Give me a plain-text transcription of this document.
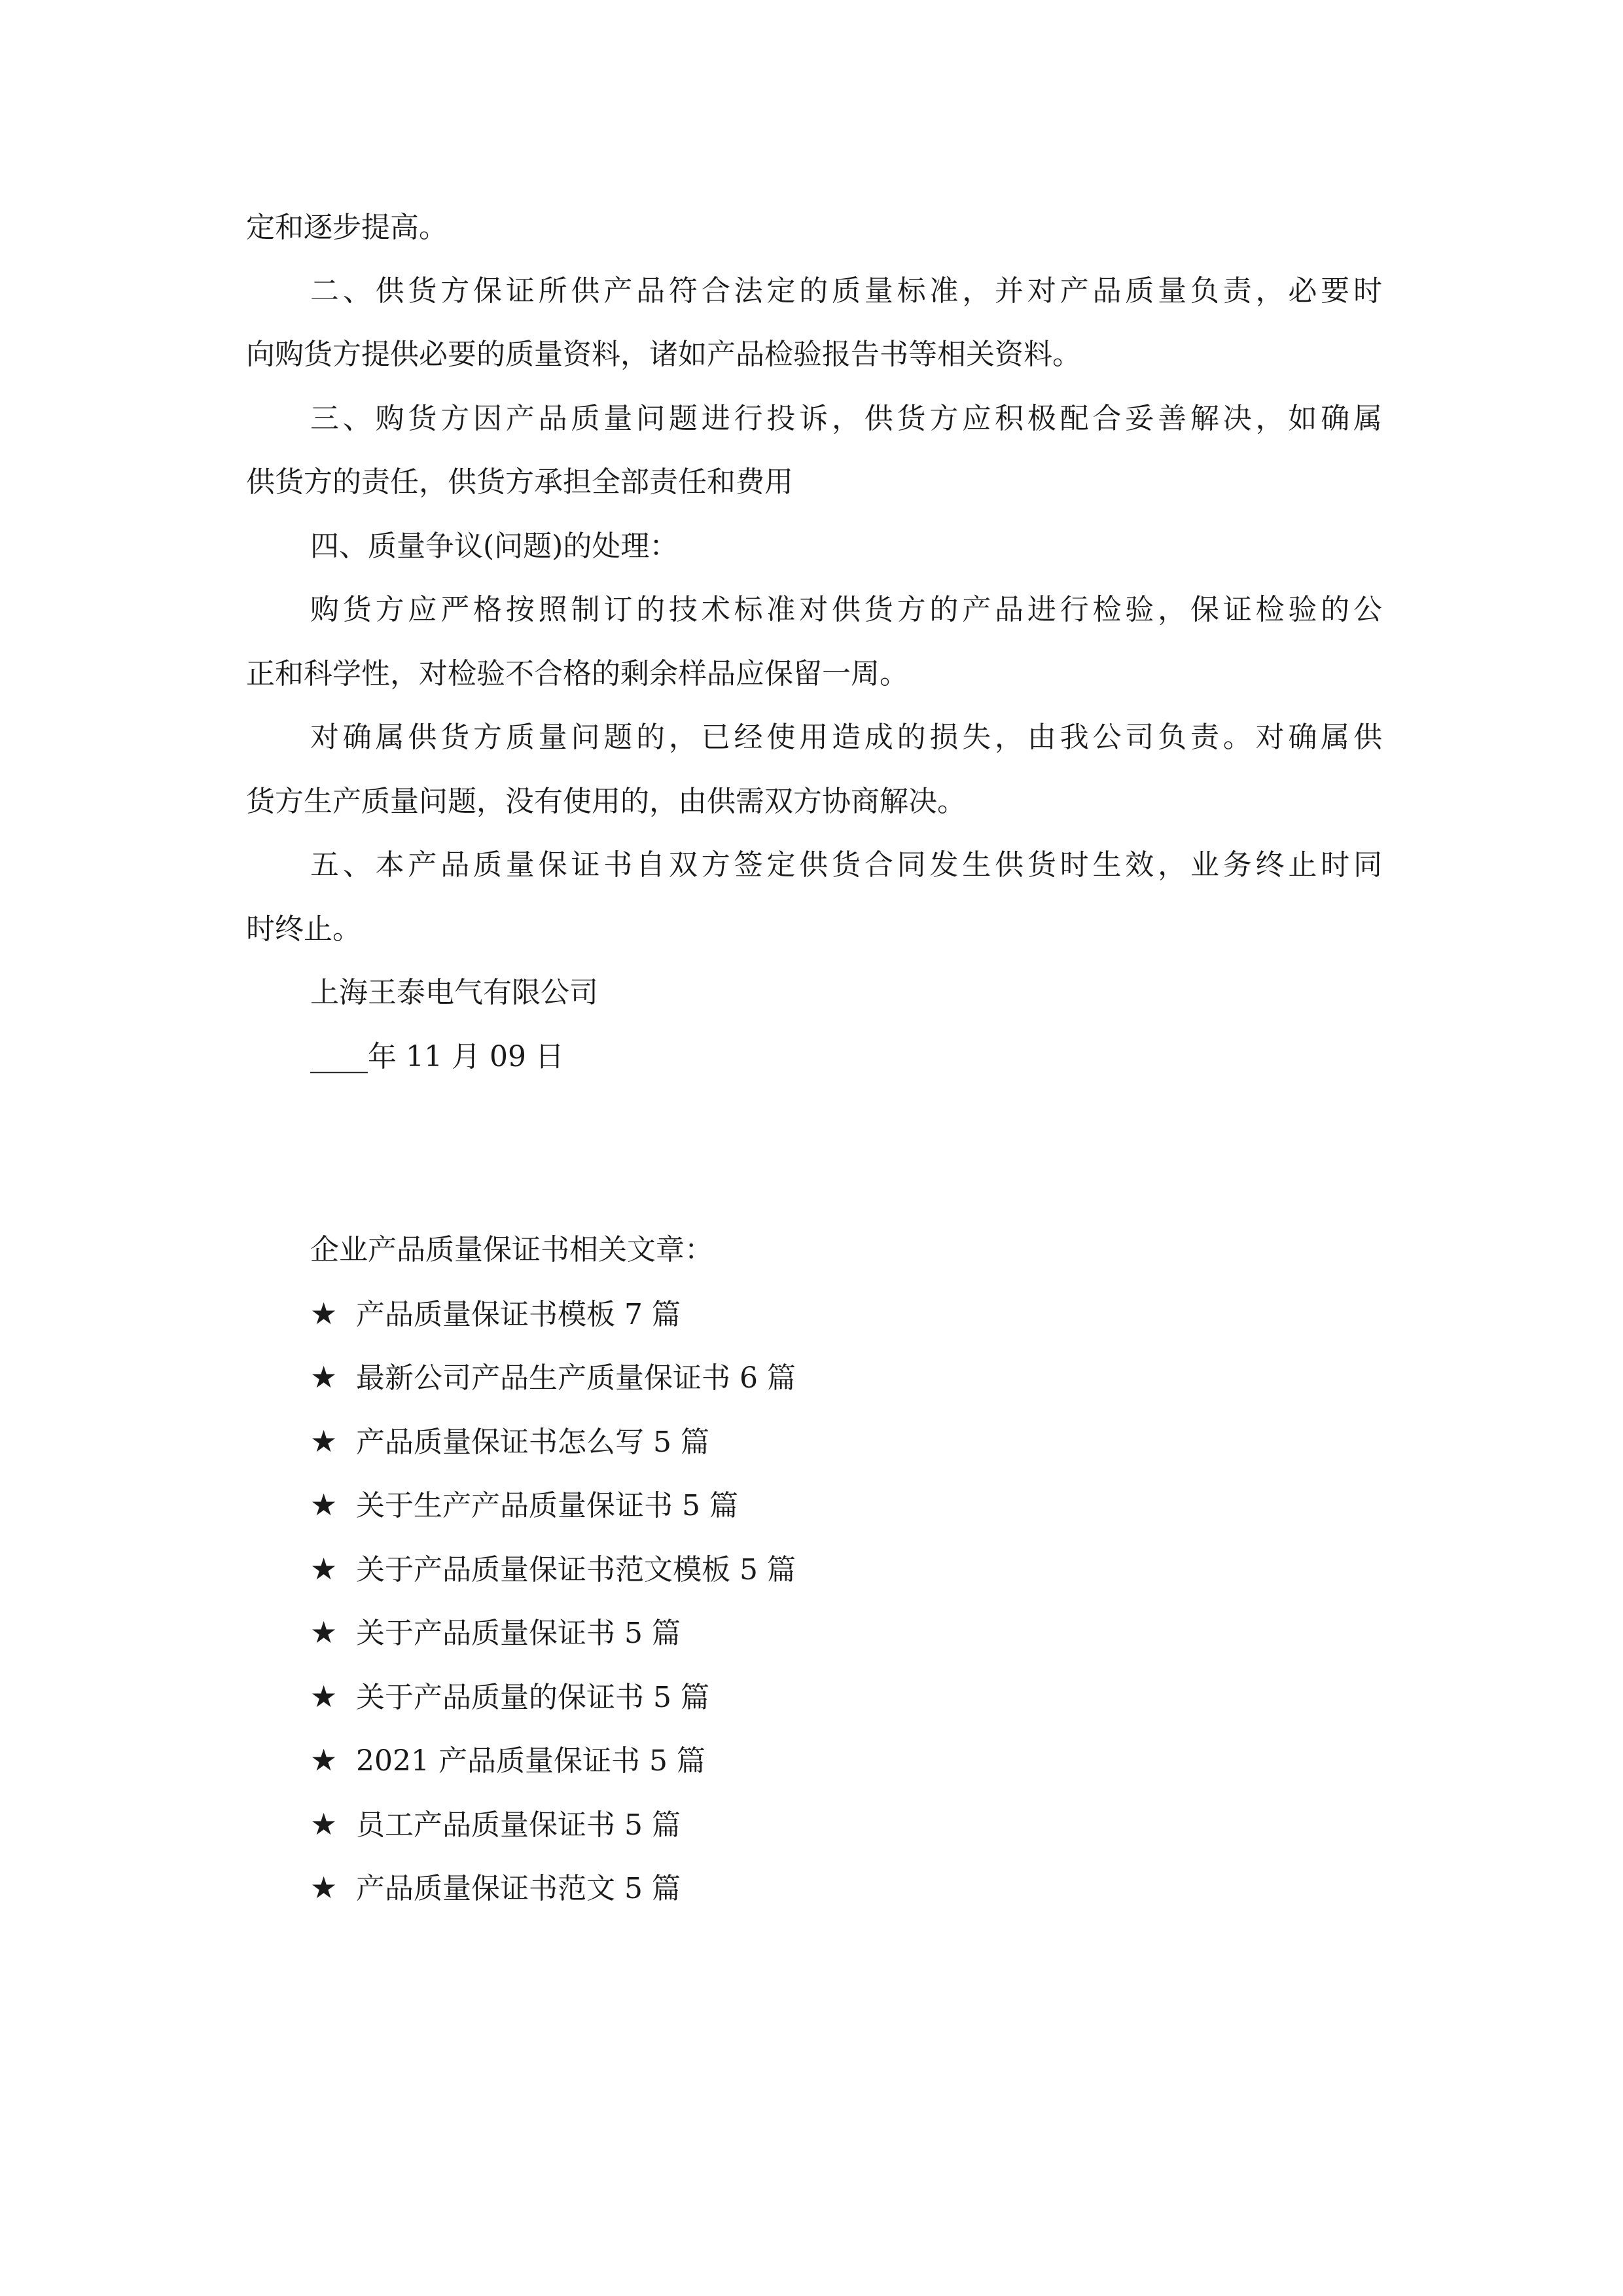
定和逐步提高。
二、供货方保证所供产品符合法定的质量标准，并对产品质量负责，必要时
向购货方提供必要的质量资料，诸如产品检验报告书等相关资料。
三、购货方因产品质量问题进行投诉，供货方应积极配合妥善解决，如确属
供货方的责任，供货方承担全部责任和费用
四、质量争议(问题)的处理：
购货方应严格按照制订的技术标准对供货方的产品进行检验，保证检验的公
正和科学性，对检验不合格的剩余样品应保留一周。
对确属供货方质量问题的，已经使用造成的损失，由我公司负责。对确属供
货方生产质量问题，没有使用的，由供需双方协商解决。
五、本产品质量保证书自双方签定供货合同发生供货时生效，业务终止时同
时终止。
上海王泰电气有限公司
____年 11 月 09 日
企业产品质量保证书相关文章：
★ 产品质量保证书模板 7 篇
★ 最新公司产品生产质量保证书 6 篇
★ 产品质量保证书怎么写 5 篇
★ 关于生产产品质量保证书 5 篇
★ 关于产品质量保证书范文模板 5 篇
★ 关于产品质量保证书 5 篇
★ 关于产品质量的保证书 5 篇
★ 2021 产品质量保证书 5 篇
★ 员工产品质量保证书 5 篇
★ 产品质量保证书范文 5 篇
